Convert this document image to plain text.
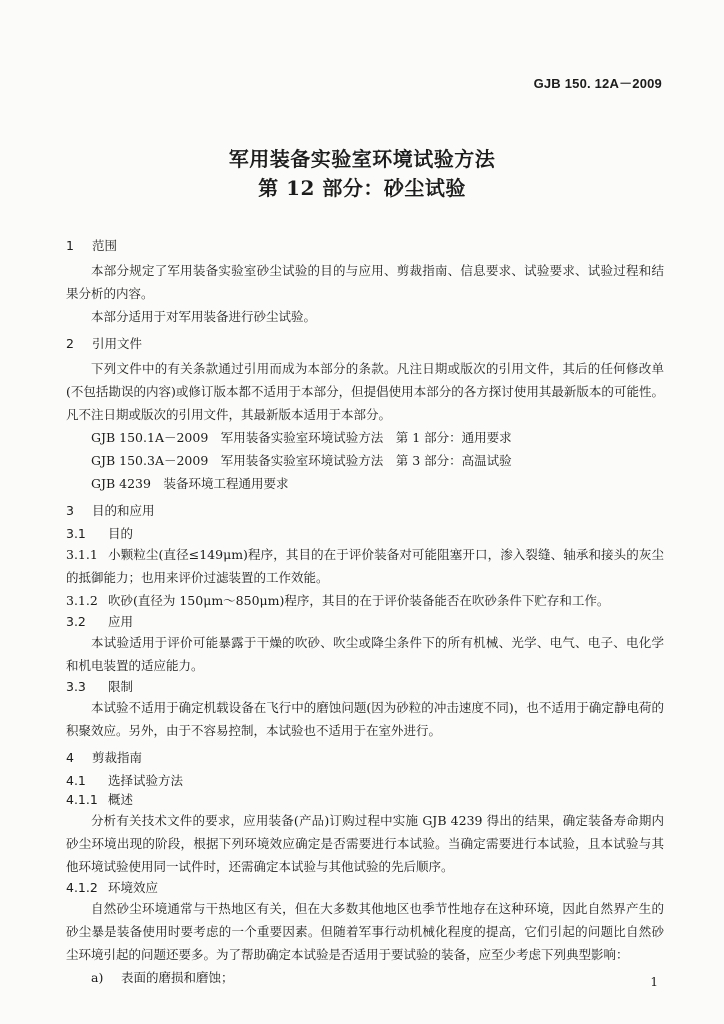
GJB 150. 12A－2009
军用装备实验室环境试验方法
第 12 部分：砂尘试验
1 范围
本部分规定了军用装备实验室砂尘试验的目的与应用、剪裁指南、信息要求、试验要求、试验过程和结果分析的内容。
本部分适用于对军用装备进行砂尘试验。
2 引用文件
下列文件中的有关条款通过引用而成为本部分的条款。凡注日期或版次的引用文件，其后的任何修改单(不包括勘误的内容)或修订版本都不适用于本部分，但提倡使用本部分的各方探讨使用其最新版本的可能性。凡不注日期或版次的引用文件，其最新版本适用于本部分。
GJB 150.1A－2009　军用装备实验室环境试验方法　第 1 部分：通用要求
GJB 150.3A－2009　军用装备实验室环境试验方法　第 3 部分：高温试验
GJB 4239　装备环境工程通用要求
3 目的和应用
3.1 目的
3.1.1 小颗粒尘(直径≤149μm)程序，其目的在于评价装备对可能阻塞开口，渗入裂缝、轴承和接头的灰尘的抵御能力；也用来评价过滤装置的工作效能。
3.1.2 吹砂(直径为 150μm～850μm)程序，其目的在于评价装备能否在吹砂条件下贮存和工作。
3.2 应用
本试验适用于评价可能暴露于干燥的吹砂、吹尘或降尘条件下的所有机械、光学、电气、电子、电化学和机电装置的适应能力。
3.3 限制
本试验不适用于确定机载设备在飞行中的磨蚀问题(因为砂粒的冲击速度不同)，也不适用于确定静电荷的积聚效应。另外，由于不容易控制，本试验也不适用于在室外进行。
4 剪裁指南
4.1 选择试验方法
4.1.1 概述
分析有关技术文件的要求，应用装备(产品)订购过程中实施 GJB 4239 得出的结果，确定装备寿命期内砂尘环境出现的阶段，根据下列环境效应确定是否需要进行本试验。当确定需要进行本试验，且本试验与其他环境试验使用同一试件时，还需确定本试验与其他试验的先后顺序。
4.1.2 环境效应
自然砂尘环境通常与干热地区有关，但在大多数其他地区也季节性地存在这种环境，因此自然界产生的砂尘暴是装备使用时要考虑的一个重要因素。但随着军事行动机械化程度的提高，它们引起的问题比自然砂尘环境引起的问题还要多。为了帮助确定本试验是否适用于要试验的装备，应至少考虑下列典型影响：
a) 表面的磨损和磨蚀；	1
